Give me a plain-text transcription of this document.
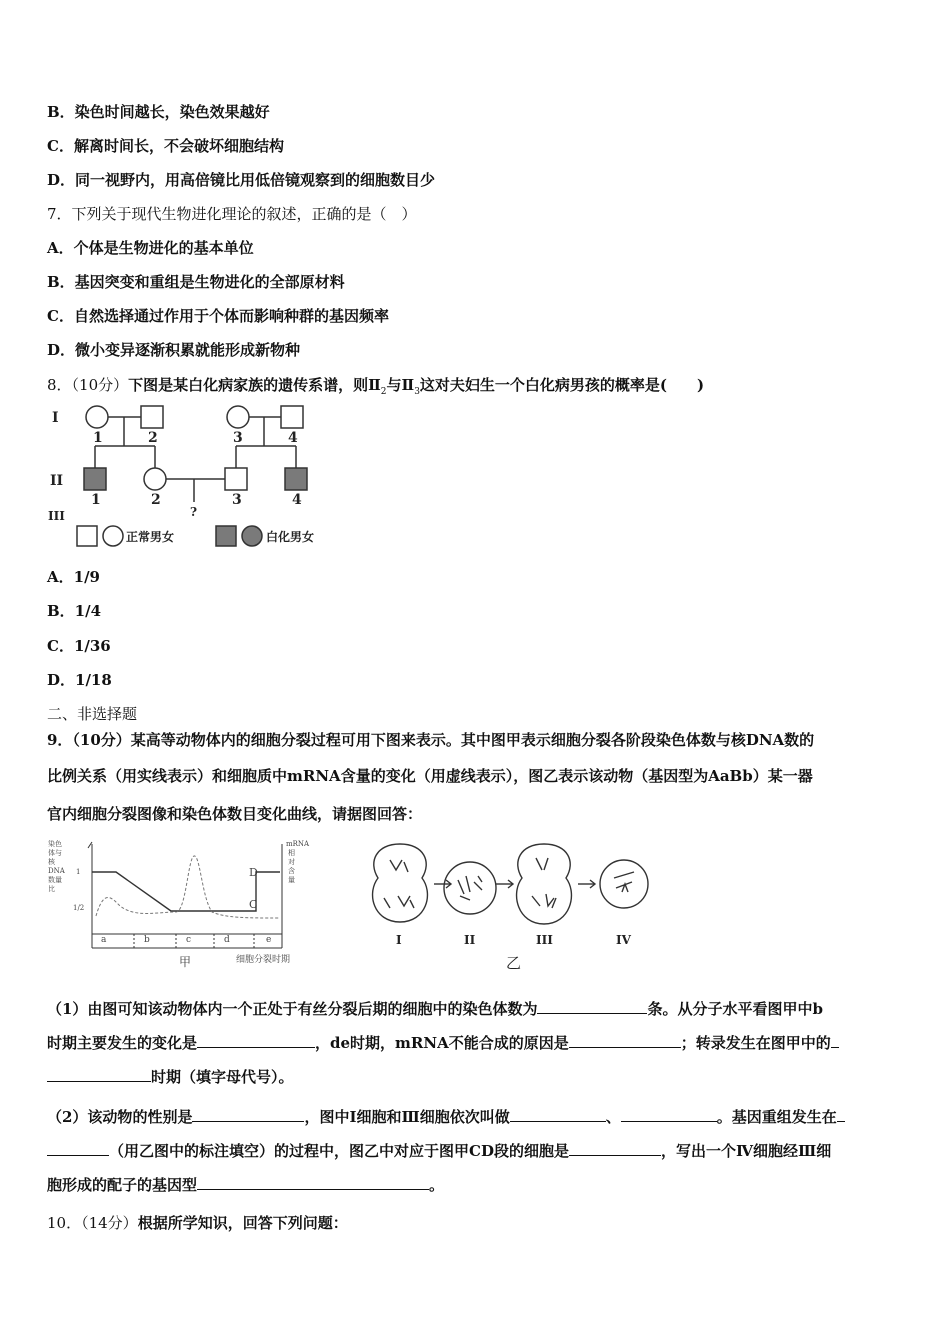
B．染色时间越长，染色效果越好
C．解离时间长，不会破坏细胞结构
D．同一视野内，用高倍镜比用低倍镜观察到的细胞数目少
7．下列关于现代生物进化理论的叙述，正确的是（　）
A．个体是生物进化的基本单位
B．基因突变和重组是生物进化的全部原材料
C．自然选择通过作用于个体而影响种群的基因频率
D．微小变异逐渐积累就能形成新物种
8．（10分）下图是某白化病家族的遗传系谱，则$Ⅱ_2$与$Ⅱ_3$这对夫妇生一个白化病男孩的概率是(　　)
I
II
III
1	2	3	4
1	2	3	4
?
正常男女	白化男女
A．1/9
B．1/4
C．1/36
D．1/18
二、非选择题
9．（10分）某高等动物体内的细胞分裂过程可用下图来表示。其中图甲表示细胞分裂各阶段染色体数与核DNA数的
比例关系（用实线表示）和细胞质中mRNA含量的变化（用虚线表示），图乙表示该动物（基因型为AaBb）某一器
官内细胞分裂图像和染色体数目变化曲线，请据图回答：
染色体与核 DNA 数量比
mRNA 相对含量
1
1/2
a	b	c	d	e
D
C
细胞分裂时期
甲
I	II	III	IV
乙
（1）由图可知该动物体内一个正处于有丝分裂后期的细胞中的染色体数为	条。从分子水平看图甲中b
时期主要发生的变化是	，de时期，mRNA不能合成的原因是	；转录发生在图甲中的
时期（填字母代号）。
（2）该动物的性别是	，图中Ⅰ细胞和Ⅲ细胞依次叫做	、	。基因重组发生在
（用乙图中的标注填空）的过程中，图乙中对应于图甲CD段的细胞是	，写出一个Ⅳ细胞经Ⅲ细
胞形成的配子的基因型	。
10．（14分）根据所学知识，回答下列问题：
